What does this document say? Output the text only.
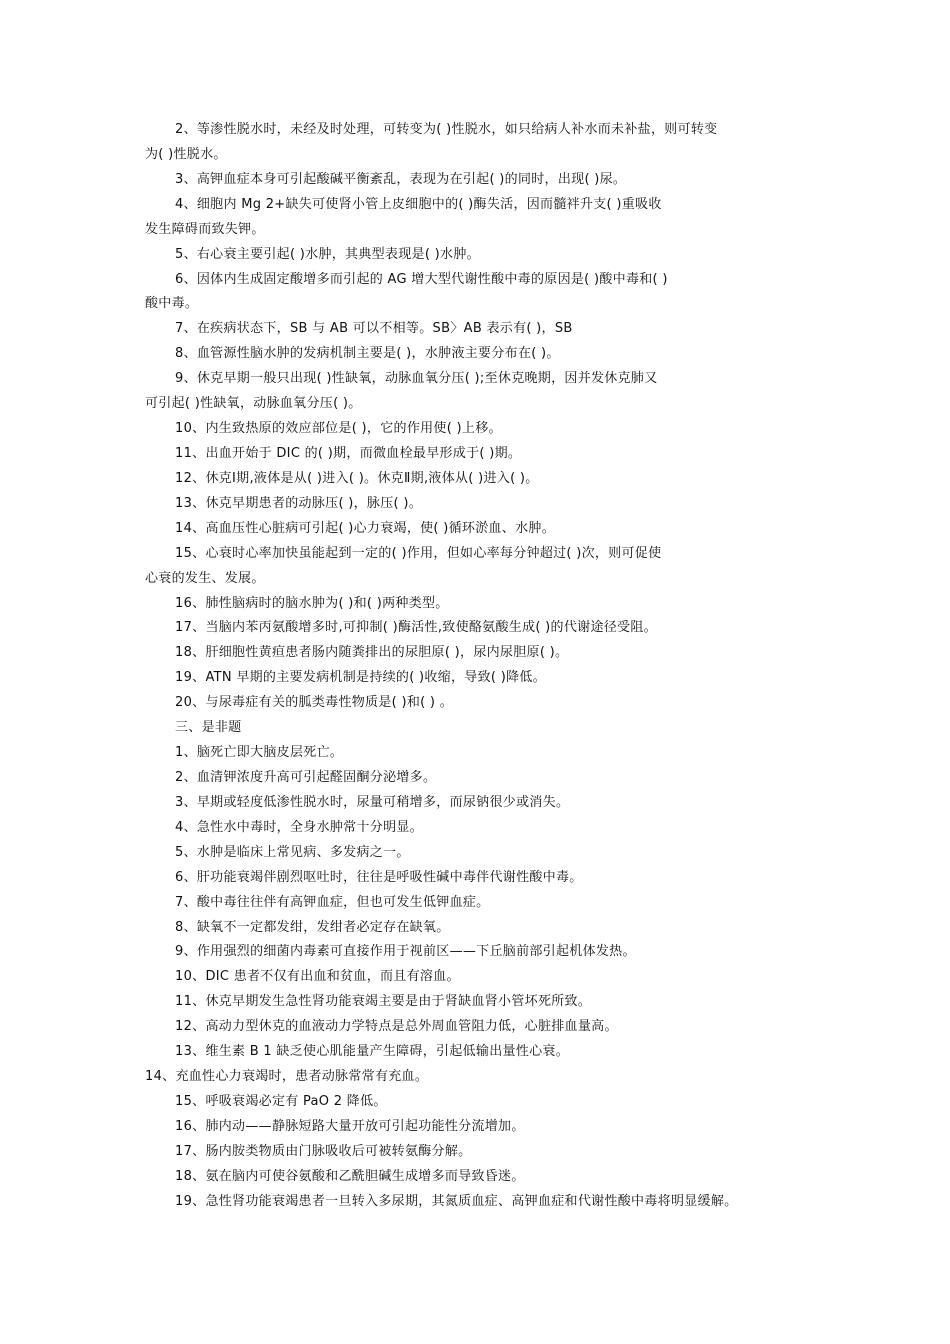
2、等渗性脱水时，未经及时处理，可转变为( )性脱水，如只给病人补水而未补盐，则可转变
为( )性脱水。
3、高钾血症本身可引起酸碱平衡紊乱，表现为在引起( )的同时，出现( )尿。
4、细胞内 Mg 2+缺失可使肾小管上皮细胞中的( )酶失活，因而髓袢升支( )重吸收
发生障碍而致失钾。
5、右心衰主要引起( )水肿，其典型表现是( )水肿。
6、因体内生成固定酸增多而引起的 AG 增大型代谢性酸中毒的原因是( )酸中毒和( )
酸中毒。
7、在疾病状态下，SB 与 AB 可以不相等。SB〉AB 表示有( )，SB
8、血管源性脑水肿的发病机制主要是( )，水肿液主要分布在( )。
9、休克早期一般只出现( )性缺氧，动脉血氧分压( );至休克晚期，因并发休克肺又
可引起( )性缺氧，动脉血氧分压( )。
10、内生致热原的效应部位是( )，它的作用使( )上移。
11、出血开始于 DIC 的( )期，而微血栓最早形成于( )期。
12、休克Ⅰ期,液体是从( )进入( )。休克Ⅱ期,液体从( )进入( )。
13、休克早期患者的动脉压( )，脉压( )。
14、高血压性心脏病可引起( )心力衰竭，使( )循环淤血、水肿。
15、心衰时心率加快虽能起到一定的( )作用，但如心率每分钟超过( )次，则可促使
心衰的发生、发展。
16、肺性脑病时的脑水肿为( )和( )两种类型。
17、当脑内苯丙氨酸增多时,可抑制( )酶活性,致使酪氨酸生成( )的代谢途径受阻。
18、肝细胞性黄疸患者肠内随粪排出的尿胆原( )，尿内尿胆原( )。
19、ATN 早期的主要发病机制是持续的( )收缩，导致( )降低。
20、与尿毒症有关的胍类毒性物质是( )和( ) 。
三、是非题
1、脑死亡即大脑皮层死亡。
2、血清钾浓度升高可引起醛固酮分泌增多。
3、早期或轻度低渗性脱水时，尿量可稍增多，而尿钠很少或消失。
4、急性水中毒时，全身水肿常十分明显。
5、水肿是临床上常见病、多发病之一。
6、肝功能衰竭伴剧烈呕吐时，往往是呼吸性碱中毒伴代谢性酸中毒。
7、酸中毒往往伴有高钾血症，但也可发生低钾血症。
8、缺氧不一定都发绀，发绀者必定存在缺氧。
9、作用强烈的细菌内毒素可直接作用于视前区——下丘脑前部引起机体发热。
10、DIC 患者不仅有出血和贫血，而且有溶血。
11、休克早期发生急性肾功能衰竭主要是由于肾缺血肾小管坏死所致。
12、高动力型休克的血液动力学特点是总外周血管阻力低，心脏排血量高。
13、维生素 B 1 缺乏使心肌能量产生障碍，引起低输出量性心衰。
14、充血性心力衰竭时，患者动脉常常有充血。
15、呼吸衰竭必定有 PaO 2 降低。
16、肺内动——静脉短路大量开放可引起功能性分流增加。
17、肠内胺类物质由门脉吸收后可被转氨酶分解。
18、氨在脑内可使谷氨酸和乙酰胆碱生成增多而导致昏迷。
19、急性肾功能衰竭患者一旦转入多尿期，其氮质血症、高钾血症和代谢性酸中毒将明显缓解。
